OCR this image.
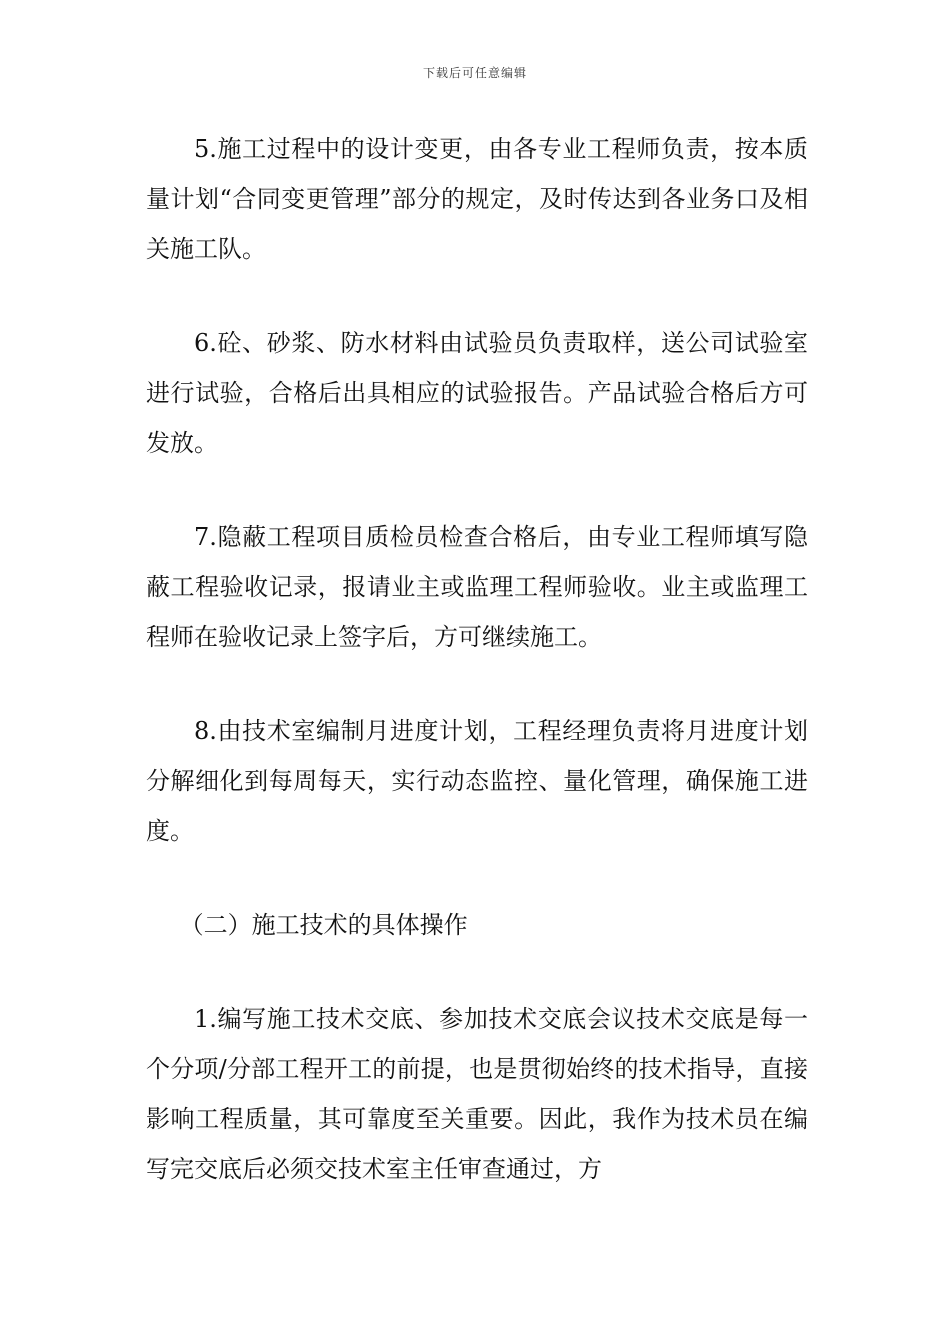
下载后可任意编辑

5.施工过程中的设计变更，由各专业工程师负责，按本质量计划“合同变更管理”部分的规定，及时传达到各业务口及相关施工队。

6.砼、砂浆、防水材料由试验员负责取样，送公司试验室进行试验，合格后出具相应的试验报告。产品试验合格后方可发放。

7.隐蔽工程项目质检员检查合格后，由专业工程师填写隐蔽工程验收记录，报请业主或监理工程师验收。业主或监理工程师在验收记录上签字后，方可继续施工。

8.由技术室编制月进度计划，工程经理负责将月进度计划分解细化到每周每天，实行动态监控、量化管理，确保施工进度。

（二）施工技术的具体操作

1.编写施工技术交底、参加技术交底会议技术交底是每一个分项/分部工程开工的前提，也是贯彻始终的技术指导，直接影响工程质量，其可靠度至关重要。因此，我作为技术员在编写完交底后必须交技术室主任审查通过，方
